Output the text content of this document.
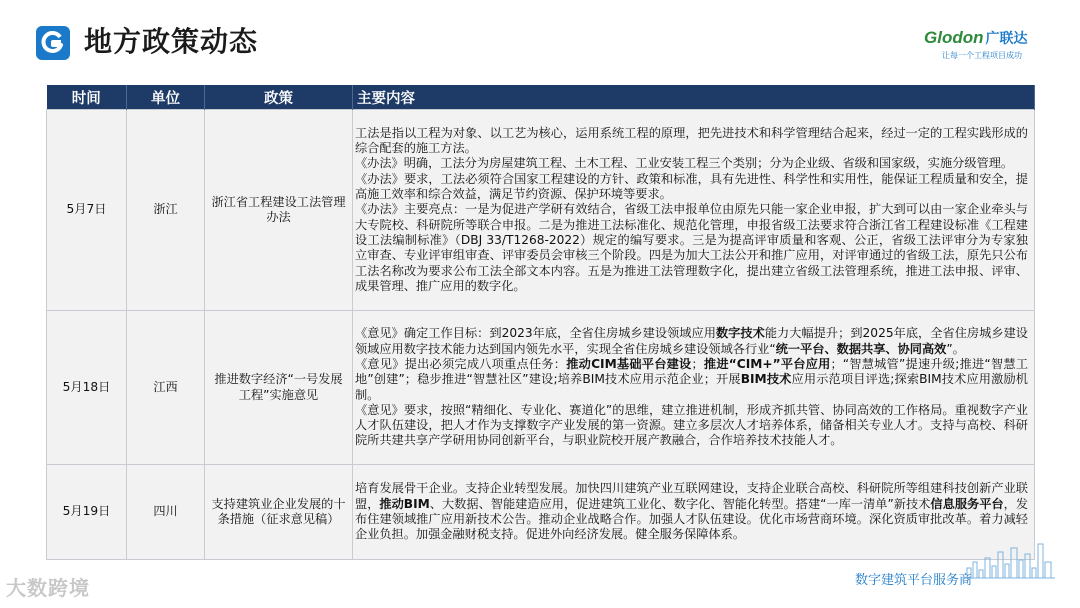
地方政策动态	Glodon 广联达
让每一个工程项目成功
时间	单位	政策	主要内容
5月7日	浙江	浙江省工程建设工法管理办法	工法是指以工程为对象、以工艺为核心，运用系统工程的原理，把先进技术和科学管理结合起来，经过一定的工程实践形成的综合配套的施工方法。
《办法》明确，工法分为房屋建筑工程、土木工程、工业安装工程三个类别；分为企业级、省级和国家级，实施分级管理。
《办法》要求，工法必须符合国家工程建设的方针、政策和标准，具有先进性、科学性和实用性，能保证工程质量和安全，提高施工效率和综合效益，满足节约资源、保护环境等要求。
《办法》主要亮点：一是为促进产学研有效结合，省级工法申报单位由原先只能一家企业申报，扩大到可以由一家企业牵头与大专院校、科研院所等联合申报。二是为推进工法标准化、规范化管理，申报省级工法要求符合浙江省工程建设标准《工程建设工法编制标准》（DBJ 33/T1268-2022）规定的编写要求。三是为提高评审质量和客观、公正，省级工法评审分为专家独立审查、专业评审组审查、评审委员会审核三个阶段。四是为加大工法公开和推广应用，对评审通过的省级工法，原先只公布工法名称改为要求公布工法全部文本内容。五是为推进工法管理数字化，提出建立省级工法管理系统，推进工法申报、评审、成果管理、推广应用的数字化。

5月18日	江西	推进数字经济“一号发展工程”实施意见	《意见》确定工作目标：到2023年底，全省住房城乡建设领域应用数字技术能力大幅提升；到2025年底，全省住房城乡建设领域应用数字技术能力达到国内领先水平，实现全省住房城乡建设领域各行业“统一平台、数据共享、协同高效”。
《意见》提出必须完成八项重点任务：推动CIM基础平台建设；推进“CIM+”平台应用；“智慧城管”提速升级;推进“智慧工地”创建”；稳步推进“智慧社区”建设;培养BIM技术应用示范企业；开展BIM技术应用示范项目评选;探索BIM技术应用激励机制。
《意见》要求，按照“精细化、专业化、赛道化”的思维，建立推进机制，形成齐抓共管、协同高效的工作格局。重视数字产业人才队伍建设，把人才作为支撑数字产业发展的第一资源。建立多层次人才培养体系，储备相关专业人才。支持与高校、科研院所共建共享产学研用协同创新平台，与职业院校开展产教融合，合作培养技术技能人才。

5月19日	四川	支持建筑业企业发展的十条措施（征求意见稿）	培育发展骨干企业。支持企业转型发展。加快四川建筑产业互联网建设，支持企业联合高校、科研院所等组建科技创新产业联盟，推动BIM、大数据、智能建造应用，促进建筑工业化、数字化、智能化转型。搭建“一库一清单”新技术信息服务平台，发布住建领域推广应用新技术公告。推动企业战略合作。加强人才队伍建设。优化市场营商环境。深化资质审批改革。着力减轻企业负担。加强金融财税支持。促进外向经济发展。健全服务保障体系。
大数跨境	数字建筑平台服务商
